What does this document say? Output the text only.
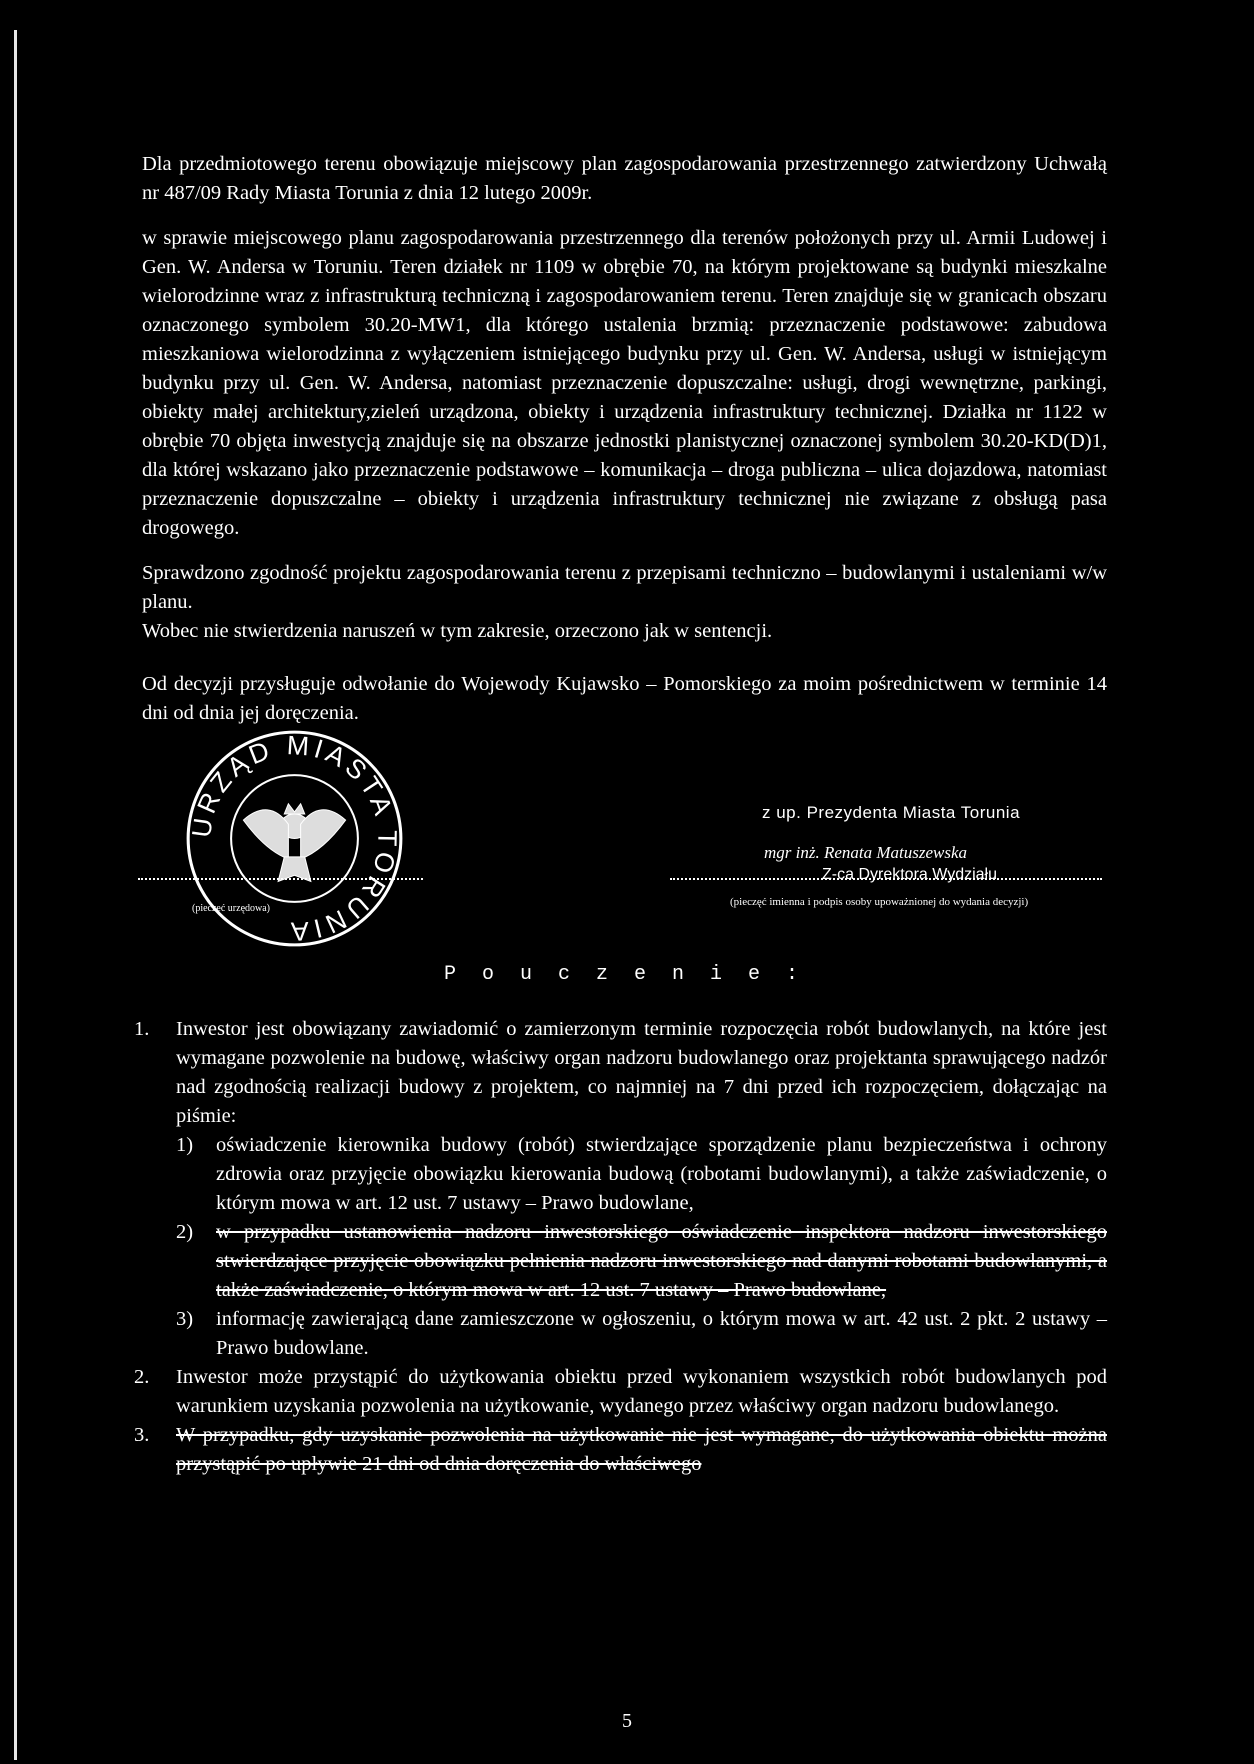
Dla przedmiotowego terenu obowiązuje miejscowy plan zagospodarowania przestrzennego zatwierdzony Uchwałą nr 487/09 Rady Miasta Torunia z dnia 12 lutego 2009r.

w sprawie miejscowego planu zagospodarowania przestrzennego dla terenów położonych przy ul. Armii Ludowej i Gen. W. Andersa w Toruniu. Teren działek nr 1109 w obrębie 70, na którym projektowane są budynki mieszkalne wielorodzinne wraz z infrastrukturą techniczną i zagospodarowaniem terenu. Teren znajduje się w granicach obszaru oznaczonego symbolem 30.20-MW1, dla którego ustalenia brzmią: przeznaczenie podstawowe: zabudowa mieszkaniowa wielorodzinna z wyłączeniem istniejącego budynku przy ul. Gen. W. Andersa, usługi w istniejącym budynku przy ul. Gen. W. Andersa, natomiast przeznaczenie dopuszczalne: usługi, drogi wewnętrzne, parkingi, obiekty małej architektury,zieleń urządzona, obiekty i urządzenia infrastruktury technicznej. Działka nr 1122 w obrębie 70 objęta inwestycją znajduje się na obszarze jednostki planistycznej oznaczonej symbolem 30.20-KD(D)1, dla której wskazano jako przeznaczenie podstawowe – komunikacja – droga publiczna – ulica dojazdowa, natomiast przeznaczenie dopuszczalne – obiekty i urządzenia infrastruktury technicznej nie związane z obsługą pasa drogowego.

Sprawdzono zgodność projektu zagospodarowania terenu z przepisami techniczno – budowlanymi i ustaleniami w/w planu.

Wobec nie stwierdzenia naruszeń w tym zakresie, orzeczono jak w sentencji.

Od decyzji przysługuje odwołanie do Wojewody Kujawsko – Pomorskiego za moim pośrednictwem w terminie 14 dni od dnia jej doręczenia.

URZĄD MIASTA TORUNIA
(pieczęć urzędowa)
z up. Prezydenta Miasta Torunia
mgr inż. Renata Matuszewska
Z-ca Dyrektora Wydziału
(pieczęć imienna i podpis osoby upoważnionej do wydania decyzji)
P o u c z e n i e :
1. Inwestor jest obowiązany zawiadomić o zamierzonym terminie rozpoczęcia robót budowlanych, na które jest wymagane pozwolenie na budowę, właściwy organ nadzoru budowlanego oraz projektanta sprawującego nadzór nad zgodnością realizacji budowy z projektem, co najmniej na 7 dni przed ich rozpoczęciem, dołączając na piśmie:
1) oświadczenie kierownika budowy (robót) stwierdzające sporządzenie planu bezpieczeństwa i ochrony zdrowia oraz przyjęcie obowiązku kierowania budową (robotami budowlanymi), a także zaświadczenie, o którym mowa w art. 12 ust. 7 ustawy – Prawo budowlane,
2) w przypadku ustanowienia nadzoru inwestorskiego oświadczenie inspektora nadzoru inwestorskiego stwierdzające przyjęcie obowiązku pełnienia nadzoru inwestorskiego nad danymi robotami budowlanymi, a także zaświadczenie, o którym mowa w art. 12 ust. 7 ustawy – Prawo budowlane,
3) informację zawierającą dane zamieszczone w ogłoszeniu, o którym mowa w art. 42 ust. 2 pkt. 2 ustawy – Prawo budowlane.
2. Inwestor może przystąpić do użytkowania obiektu przed wykonaniem wszystkich robót budowlanych pod warunkiem uzyskania pozwolenia na użytkowanie, wydanego przez właściwy organ nadzoru budowlanego.
3. W przypadku, gdy uzyskanie pozwolenia na użytkowanie nie jest wymagane, do użytkowania obiektu można przystąpić po upływie 21 dni od dnia doręczenia do właściwego
5
